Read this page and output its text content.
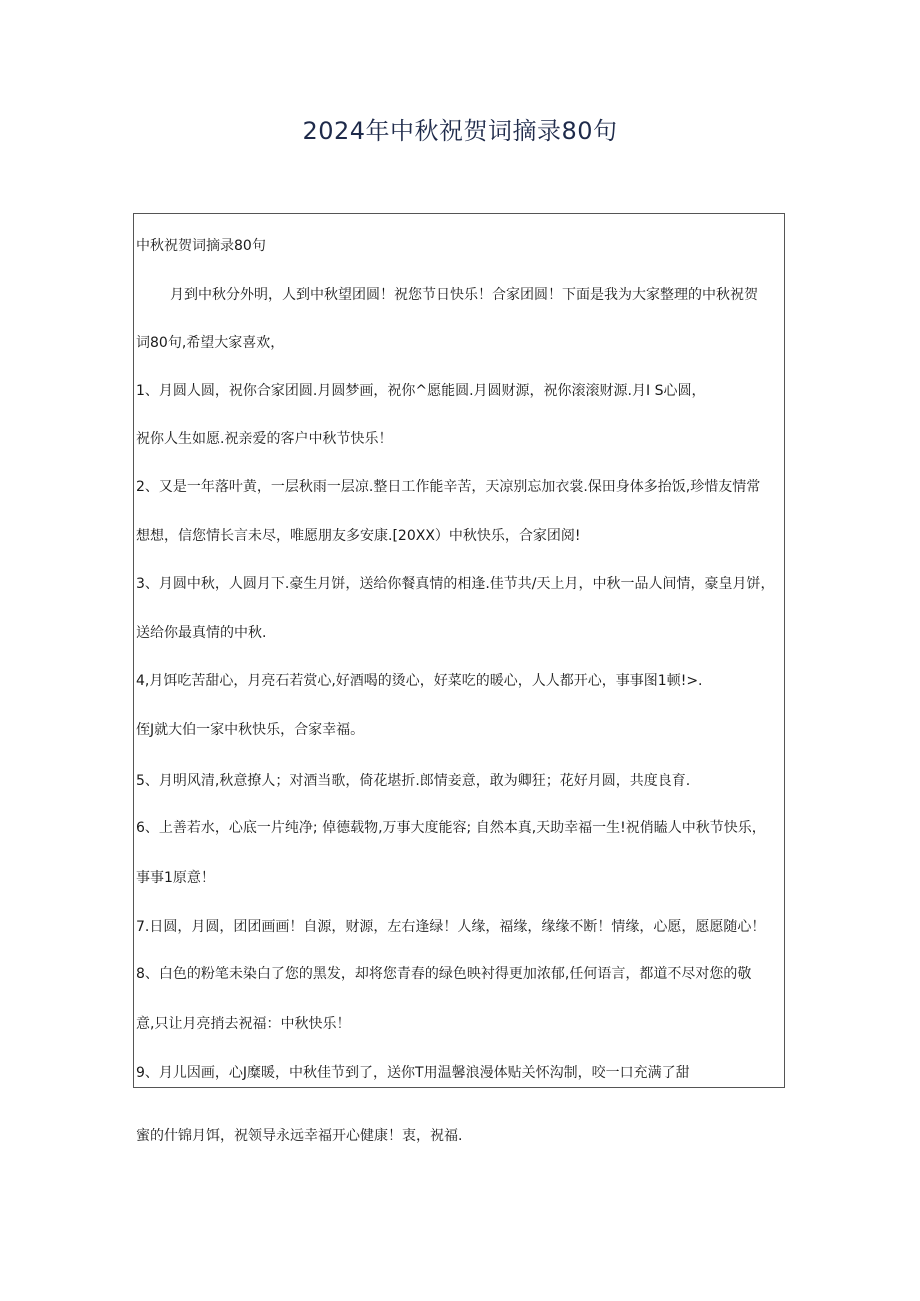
2024年中秋祝贺词摘录80句
中秋祝贺词摘录80句
月到中秋分外明，人到中秋望团圆！祝您节日快乐！合家团圆！下面是我为大家整理的中秋祝贺
词80句,希望大家喜欢，
1、月圆人圆，祝你合家团圆.月圆梦画，祝你^愿能圆.月圆财源，祝你滚滚财源.月I S心圆，
祝你人生如愿.祝亲爱的客户中秋节快乐！
2、又是一年落叶黄，一层秋雨一层凉.整日工作能辛苦，天凉别忘加衣裳.保田身体多抬饭,珍惜友情常
想想，信您情长言未尽，唯愿朋友多安康.[20XX）中秋快乐，合家团阅!
3、月圆中秋，人圆月下.豪生月饼，送给你餐真情的相逢.佳节共/天上月，中秋一品人间情，豪皇月饼，
送给你最真情的中秋.
4,月饵吃苦甜心，月亮石若赏心,好酒喝的烫心，好菜吃的暖心，人人都开心，事事图1顿!>.
侄J就大伯一家中秋快乐，合家幸福。
5、月明风清,秋意撩人；对酒当歌，倚花堪折.郎情妾意，敢为卿狂；花好月圆，共度良育.
6、上善若水，心底一片纯净; 倬德载物,万事大度能容; 自然本真,天助幸福一生!祝俏瞌人中秋节快乐，
事事1原意！
7.日圆，月圆，团团画画！自源，财源，左右逢绿！人缘，福缘，缘缘不断！情缘，心愿，愿愿随心！
8、白色的粉笔未染白了您的黑发，却将您青春的绿色映衬得更加浓郁,任何语言，都道不尽对您的敬
意,只让月亮捎去祝福：中秋快乐！
9、月儿因画，心J糜暖，中秋佳节到了，送你T用温馨浪漫体贴关怀沟制，咬一口充满了甜
蜜的什锦月饵，祝领导永远幸福开心健康！衷，祝福.
